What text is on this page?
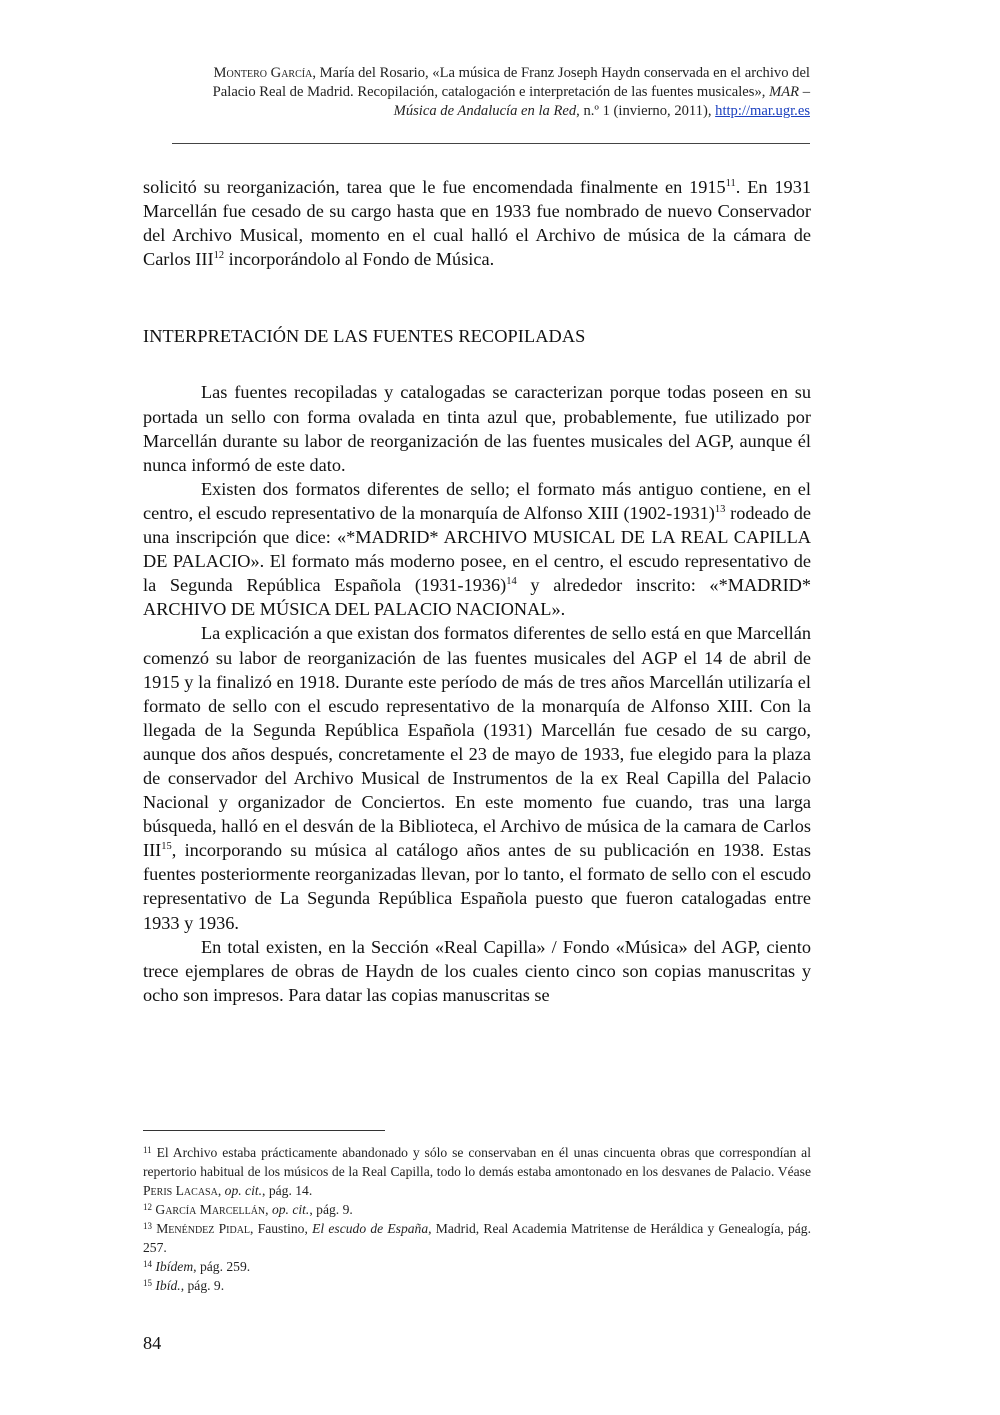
Montero García, María del Rosario, «La música de Franz Joseph Haydn conservada en el archivo del Palacio Real de Madrid. Recopilación, catalogación e interpretación de las fuentes musicales», MAR – Música de Andalucía en la Red, n.º 1 (invierno, 2011), http://mar.ugr.es

solicitó su reorganización, tarea que le fue encomendada finalmente en 1915$^{11}$. En 1931 Marcellán fue cesado de su cargo hasta que en 1933 fue nombrado de nuevo Conservador del Archivo Musical, momento en el cual halló el Archivo de música de la cámara de Carlos III$^{12}$ incorporándolo al Fondo de Música.

INTERPRETACIÓN DE LAS FUENTES RECOPILADAS

Las fuentes recopiladas y catalogadas se caracterizan porque todas poseen en su portada un sello con forma ovalada en tinta azul que, probablemente, fue utilizado por Marcellán durante su labor de reorganización de las fuentes musicales del AGP, aunque él nunca informó de este dato.

Existen dos formatos diferentes de sello; el formato más antiguo contiene, en el centro, el escudo representativo de la monarquía de Alfonso XIII (1902-1931)$^{13}$ rodeado de una inscripción que dice: «*MADRID* ARCHIVO MUSICAL DE LA REAL CAPILLA DE PALACIO». El formato más moderno posee, en el centro, el escudo representativo de la Segunda República Española (1931-1936)$^{14}$ y alrededor inscrito: «*MADRID* ARCHIVO DE MÚSICA DEL PALACIO NACIONAL».

La explicación a que existan dos formatos diferentes de sello está en que Marcellán comenzó su labor de reorganización de las fuentes musicales del AGP el 14 de abril de 1915 y la finalizó en 1918. Durante este período de más de tres años Marcellán utilizaría el formato de sello con el escudo representativo de la monarquía de Alfonso XIII. Con la llegada de la Segunda República Española (1931) Marcellán fue cesado de su cargo, aunque dos años después, concretamente el 23 de mayo de 1933, fue elegido para la plaza de conservador del Archivo Musical de Instrumentos de la ex Real Capilla del Palacio Nacional y organizador de Conciertos. En este momento fue cuando, tras una larga búsqueda, halló en el desván de la Biblioteca, el Archivo de música de la camara de Carlos III$^{15}$, incorporando su música al catálogo años antes de su publicación en 1938. Estas fuentes posteriormente reorganizadas llevan, por lo tanto, el formato de sello con el escudo representativo de La Segunda República Española puesto que fueron catalogadas entre 1933 y 1936.

En total existen, en la Sección «Real Capilla» / Fondo «Música» del AGP, ciento trece ejemplares de obras de Haydn de los cuales ciento cinco son copias manuscritas y ocho son impresos. Para datar las copias manuscritas se

$^{11}$ El Archivo estaba prácticamente abandonado y sólo se conservaban en él unas cincuenta obras que correspondían al repertorio habitual de los músicos de la Real Capilla, todo lo demás estaba amontonado en los desvanes de Palacio. Véase Peris Lacasa, op. cit., pág. 14.

$^{12}$ García Marcellán, op. cit., pág. 9.

$^{13}$ Menéndez Pidal, Faustino, El escudo de España, Madrid, Real Academia Matritense de Heráldica y Genealogía, pág. 257.

$^{14}$ Ibídem, pág. 259.

$^{15}$ Ibíd., pág. 9.

84
